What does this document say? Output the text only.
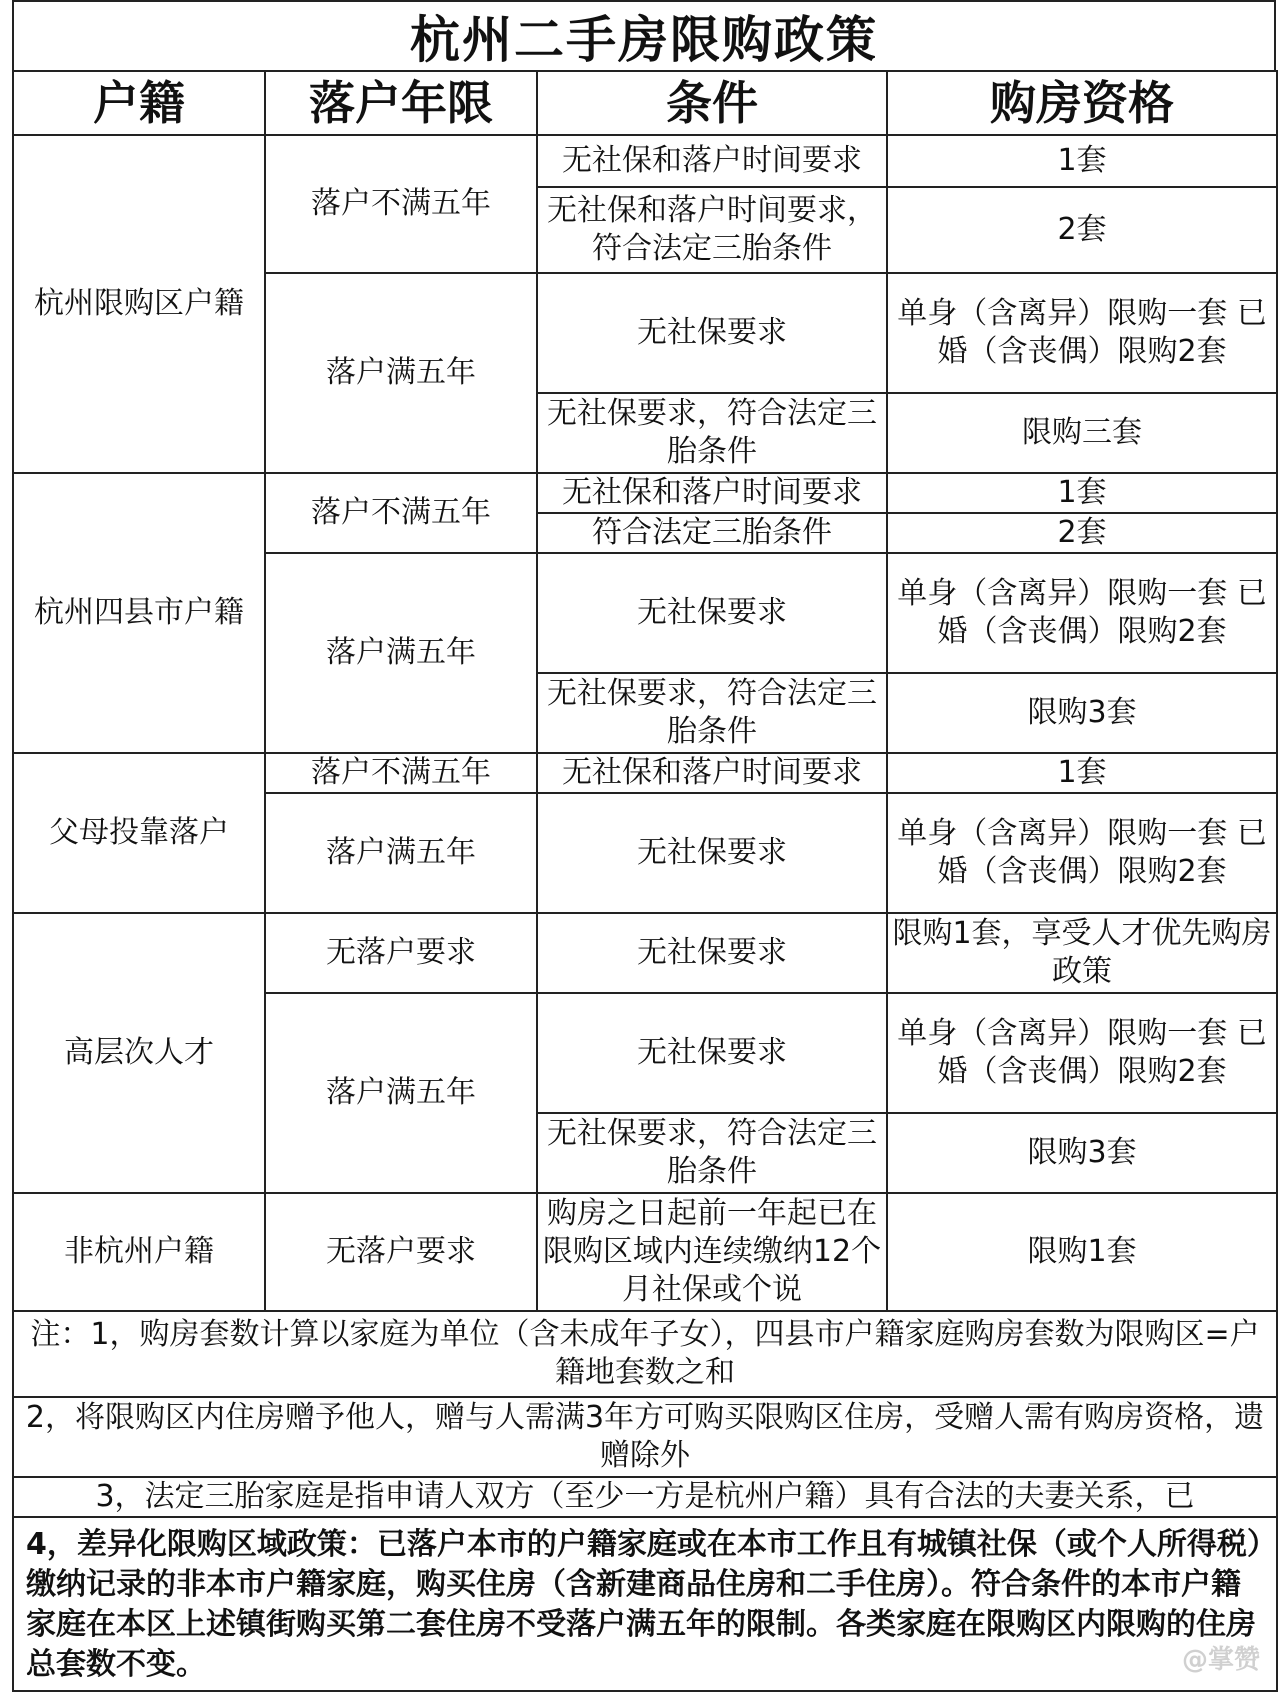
杭州二手房限购政策
户籍	落户年限	条件	购房资格
杭州限购区户籍	落户不满五年	无社保和落户时间要求	1套
		无社保和落户时间要求，符合法定三胎条件	2套
	落户满五年	无社保要求	单身（含离异）限购一套 已婚（含丧偶）限购2套
		无社保要求，符合法定三胎条件	限购三套
杭州四县市户籍	落户不满五年	无社保和落户时间要求	1套
		符合法定三胎条件	2套
	落户满五年	无社保要求	单身（含离异）限购一套 已婚（含丧偶）限购2套
		无社保要求，符合法定三胎条件	限购3套
父母投靠落户	落户不满五年	无社保和落户时间要求	1套
	落户满五年	无社保要求	单身（含离异）限购一套 已婚（含丧偶）限购2套
高层次人才	无落户要求	无社保要求	限购1套，享受人才优先购房政策
	落户满五年	无社保要求	单身（含离异）限购一套 已婚（含丧偶）限购2套
		无社保要求，符合法定三胎条件	限购3套
非杭州户籍	无落户要求	购房之日起前一年起已在限购区域内连续缴纳12个月社保或个说	限购1套
注：1，购房套数计算以家庭为单位（含未成年子女），四县市户籍家庭购房套数为限购区=户籍地套数之和			
2，将限购区内住房赠予他人，赠与人需满3年方可购买限购区住房，受赠人需有购房资格，遗赠除外			
3，法定三胎家庭是指申请人双方（至少一方是杭州户籍）具有合法的夫妻关系，已			
4，差异化限购区域政策：已落户本市的户籍家庭或在本市工作且有城镇社保（或个人所得税）缴纳记录的非本市户籍家庭，购买住房（含新建商品住房和二手住房）。符合条件的本市户籍家庭在本区上述镇街购买第二套住房不受落户满五年的限制。各类家庭在限购区内限购的住房总套数不变。				@掌赞
